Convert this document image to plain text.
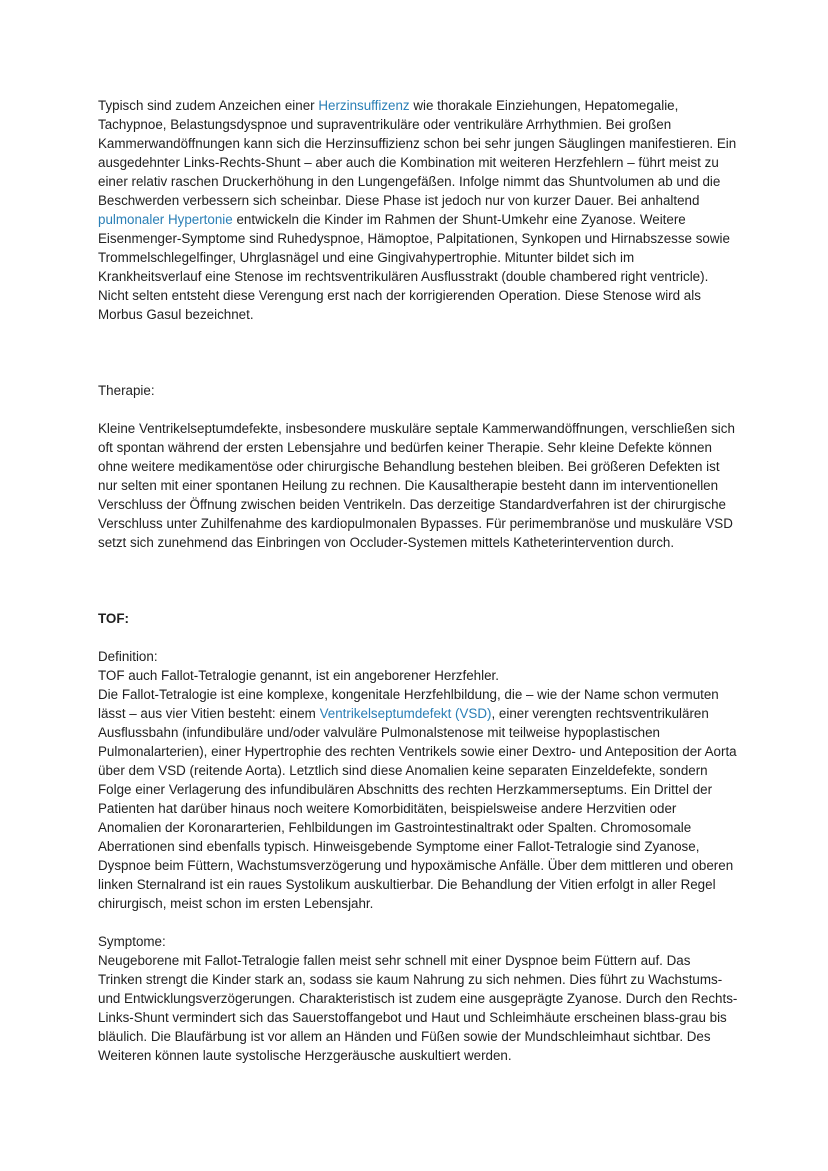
Typisch sind zudem Anzeichen einer Herzinsuffizenz wie thorakale Einziehungen, Hepatomegalie, Tachypnoe, Belastungsdyspnoe und supraventrikuläre oder ventrikuläre Arrhythmien. Bei großen Kammerwandöffnungen kann sich die Herzinsuffizienz schon bei sehr jungen Säuglingen manifestieren. Ein ausgedehnter Links-Rechts-Shunt – aber auch die Kombination mit weiteren Herzfehlern – führt meist zu einer relativ raschen Druckerhöhung in den Lungengefäßen. Infolge nimmt das Shuntvolumen ab und die Beschwerden verbessern sich scheinbar. Diese Phase ist jedoch nur von kurzer Dauer. Bei anhaltend pulmonaler Hypertonie entwickeln die Kinder im Rahmen der Shunt-Umkehr eine Zyanose. Weitere Eisenmenger-Symptome sind Ruhedyspnoe, Hämoptoe, Palpitationen, Synkopen und Hirnabszesse sowie Trommelschlegelfinger, Uhrglasnägel und eine Gingivahypertrophie. Mitunter bildet sich im Krankheitsverlauf eine Stenose im rechtsventrikulären Ausflusstrakt (double chambered right ventricle). Nicht selten entsteht diese Verengung erst nach der korrigierenden Operation. Diese Stenose wird als Morbus Gasul bezeichnet.

Therapie:

Kleine Ventrikelseptumdefekte, insbesondere muskuläre septale Kammerwandöffnungen, verschließen sich oft spontan während der ersten Lebensjahre und bedürfen keiner Therapie. Sehr kleine Defekte können ohne weitere medikamentöse oder chirurgische Behandlung bestehen bleiben. Bei größeren Defekten ist nur selten mit einer spontanen Heilung zu rechnen. Die Kausaltherapie besteht dann im interventionellen Verschluss der Öffnung zwischen beiden Ventrikeln. Das derzeitige Standardverfahren ist der chirurgische Verschluss unter Zuhilfenahme des kardiopulmonalen Bypasses. Für perimembranöse und muskuläre VSD setzt sich zunehmend das Einbringen von Occluder-Systemen mittels Katheterintervention durch.

TOF:

Definition:

TOF auch Fallot-Tetralogie genannt, ist ein angeborener Herzfehler.

Die Fallot-Tetralogie ist eine komplexe, kongenitale Herzfehlbildung, die – wie der Name schon vermuten lässt – aus vier Vitien besteht: einem Ventrikelseptumdefekt (VSD), einer verengten rechtsventrikulären Ausflussbahn (infundibuläre und/oder valvuläre Pulmonalstenose mit teilweise hypoplastischen Pulmonalarterien), einer Hypertrophie des rechten Ventrikels sowie einer Dextro- und Anteposition der Aorta über dem VSD (reitende Aorta). Letztlich sind diese Anomalien keine separaten Einzeldefekte, sondern Folge einer Verlagerung des infundibulären Abschnitts des rechten Herzkammerseptums. Ein Drittel der Patienten hat darüber hinaus noch weitere Komorbiditäten, beispielsweise andere Herzvitien oder Anomalien der Koronararterien, Fehlbildungen im Gastrointestinaltrakt oder Spalten. Chromosomale Aberrationen sind ebenfalls typisch. Hinweisgebende Symptome einer Fallot-Tetralogie sind Zyanose, Dyspnoe beim Füttern, Wachstumsverzögerung und hypoxämische Anfälle. Über dem mittleren und oberen linken Sternalrand ist ein raues Systolikum auskultierbar. Die Behandlung der Vitien erfolgt in aller Regel chirurgisch, meist schon im ersten Lebensjahr.

Symptome:

Neugeborene mit Fallot-Tetralogie fallen meist sehr schnell mit einer Dyspnoe beim Füttern auf. Das Trinken strengt die Kinder stark an, sodass sie kaum Nahrung zu sich nehmen. Dies führt zu Wachstums- und Entwicklungsverzögerungen. Charakteristisch ist zudem eine ausgeprägte Zyanose. Durch den Rechts-Links-Shunt vermindert sich das Sauerstoffangebot und Haut und Schleimhäute erscheinen blass-grau bis bläulich. Die Blaufärbung ist vor allem an Händen und Füßen sowie der Mundschleimhaut sichtbar. Des Weiteren können laute systolische Herzgeräusche auskultiert werden.
